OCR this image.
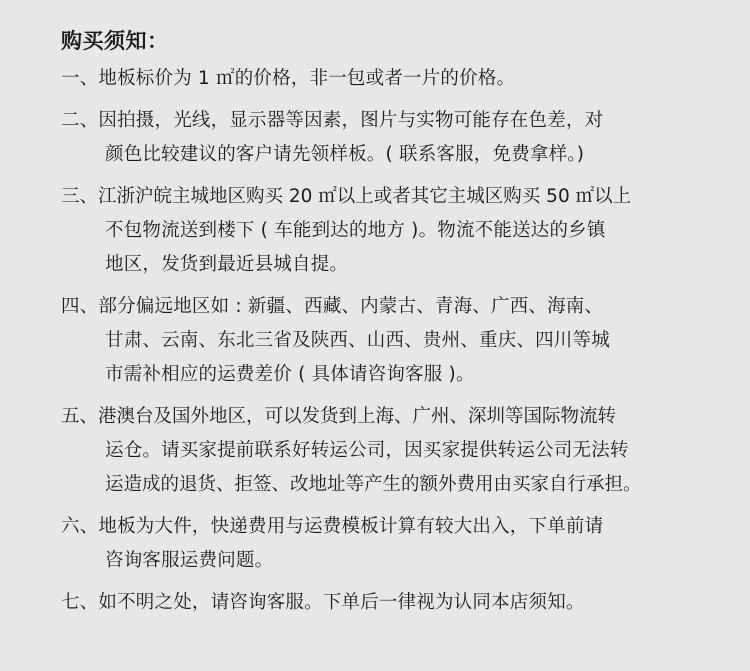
购买须知：
一、地板标价为 1 ㎡的价格，非一包或者一片的价格。
二、因拍摄，光线，显示器等因素，图片与实物可能存在色差，对
颜色比较建议的客户请先领样板。( 联系客服，免费拿样。)
三、江浙沪皖主城地区购买 20 ㎡以上或者其它主城区购买 50 ㎡以上
不包物流送到楼下 ( 车能到达的地方 )。物流不能送达的乡镇
地区，发货到最近县城自提。
四、部分偏远地区如 : 新疆、西藏、内蒙古、青海、广西、海南、
甘肃、云南、东北三省及陕西、山西、贵州、重庆、四川等城
市需补相应的运费差价 ( 具体请咨询客服 )。
五、港澳台及国外地区，可以发货到上海、广州、深圳等国际物流转
运仓。请买家提前联系好转运公司，因买家提供转运公司无法转
运造成的退货、拒签、改地址等产生的额外费用由买家自行承担。
六、地板为大件，快递费用与运费模板计算有较大出入，下单前请
咨询客服运费问题。
七、如不明之处，请咨询客服。下单后一律视为认同本店须知。
